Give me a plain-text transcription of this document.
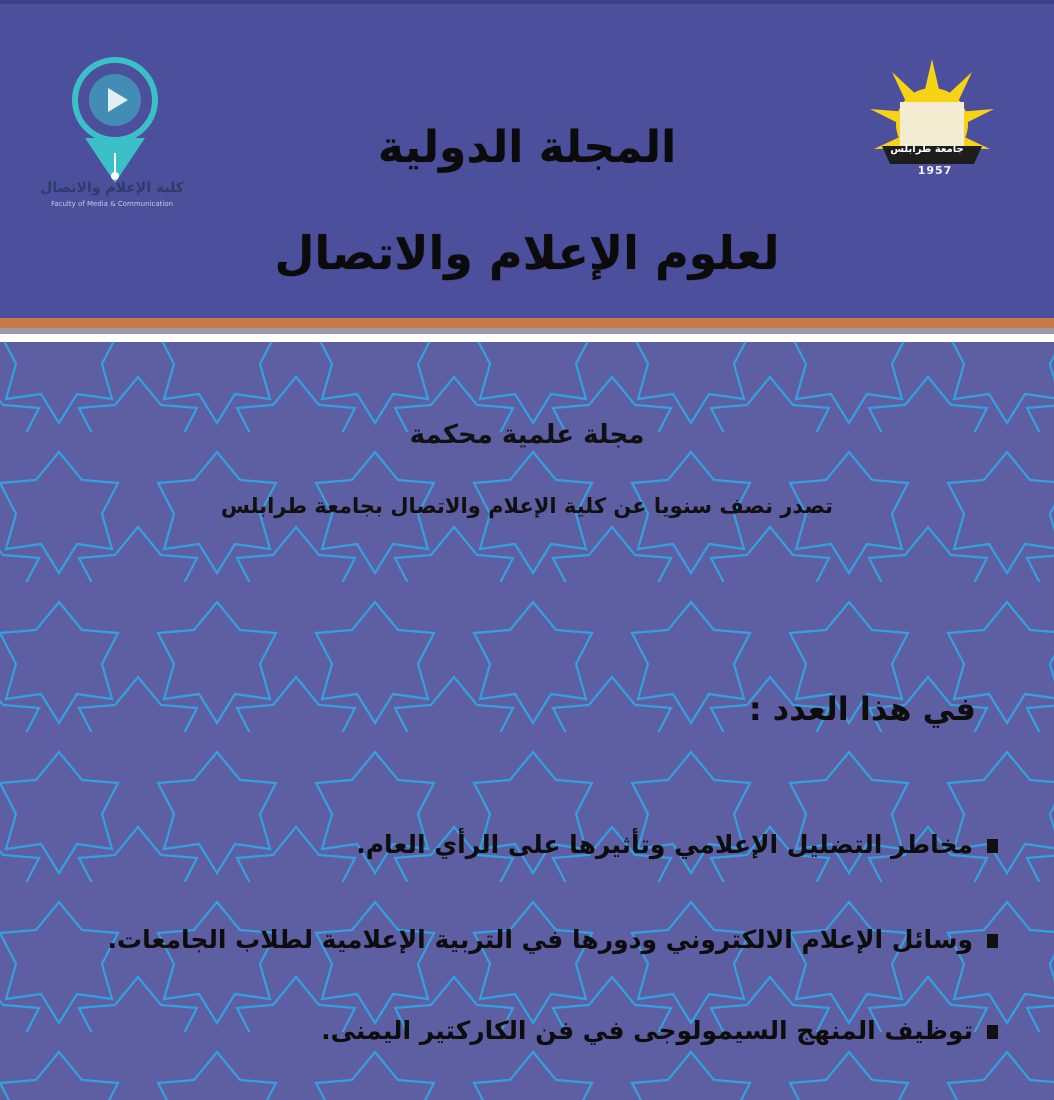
كلية الإعلام والاتصال
Faculty of Media & Communication
جامعة طرابلس
1957
المجلة الدولية
لعلوم الإعلام والاتصال
مجلة علمية محكمة
تصدر نصف سنويا عن كلية الإعلام والاتصال بجامعة طرابلس
في هذا العدد :
مخاطر التضليل الإعلامي وتأثيرها على الرأي العام.
وسائل الإعلام الالكتروني ودورها في التربية الإعلامية لطلاب الجامعات.
توظيف المنهج السيمولوجى في فن الكاركتير اليمنى.
